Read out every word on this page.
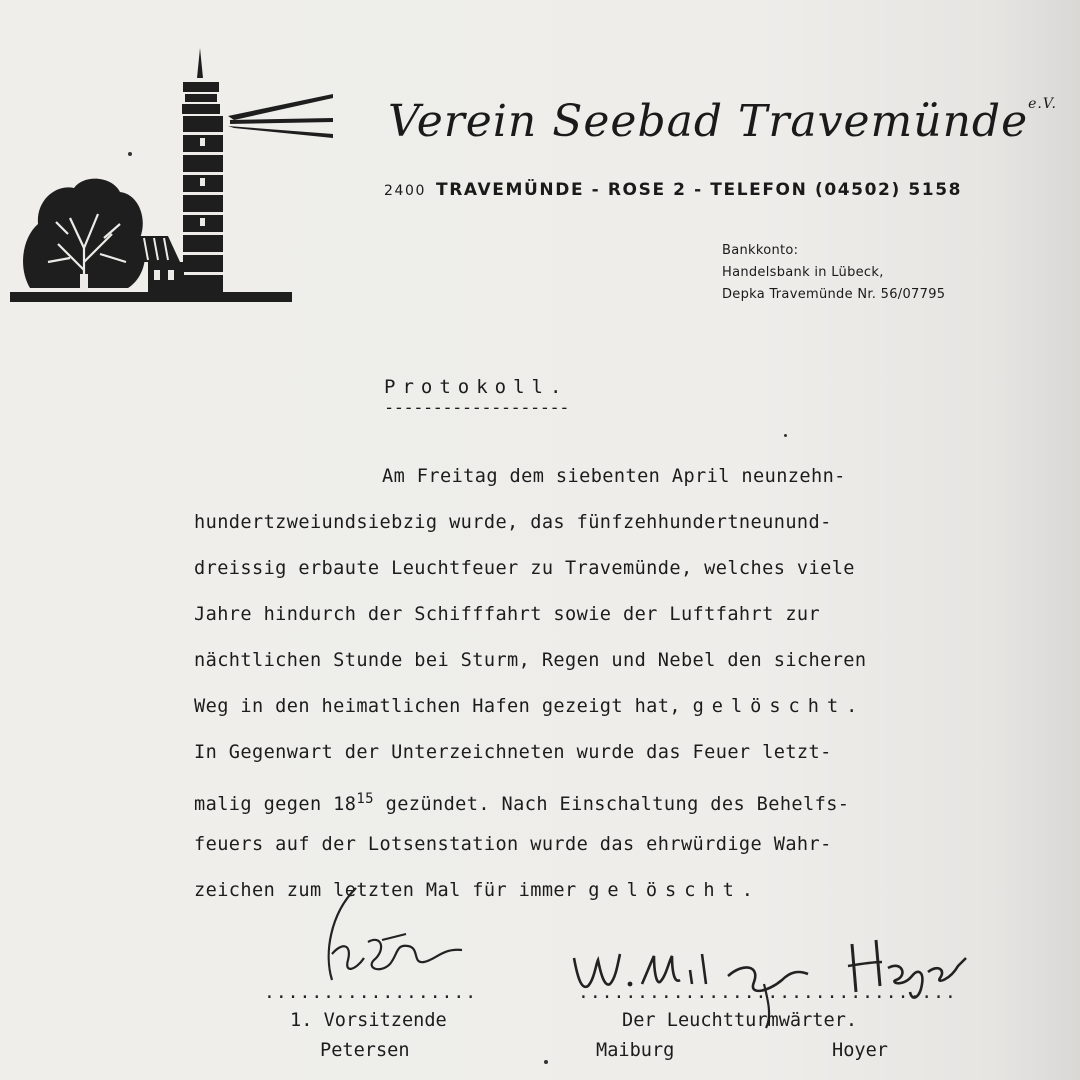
Verein Seebad Travemünde$^{e.V.}$
2400 TRAVEMÜNDE - ROSE 2 - TELEFON (04502) 5158
Bankkonto:
Handelsbank in Lübeck,
Depka Travemünde Nr. 56/07795
Protokoll.
-------------------
Am Freitag dem siebenten April neunzehn-
hundertzweiundsiebzig wurde, das fünfzehhundertneunund-
dreissig erbaute Leuchtfeuer zu Travemünde, welches viele
Jahre hindurch der Schifffahrt sowie der Luftfahrt zur
nächtlichen Stunde bei Sturm, Regen und Nebel den sicheren
Weg in den heimatlichen Hafen gezeigt hat, gelöscht.
In Gegenwart der Unterzeichneten wurde das Feuer letzt-
malig gegen $18^{15}$ gezündet. Nach Einschaltung des Behelfs-
feuers auf der Lotsenstation wurde das ehrwürdige Wahr-
zeichen zum letzten Mal für immer gelöscht.
..................	................................
1. Vorsitzende	Der Leuchtturmwärter.
Petersen	Maiburg	Hoyer
